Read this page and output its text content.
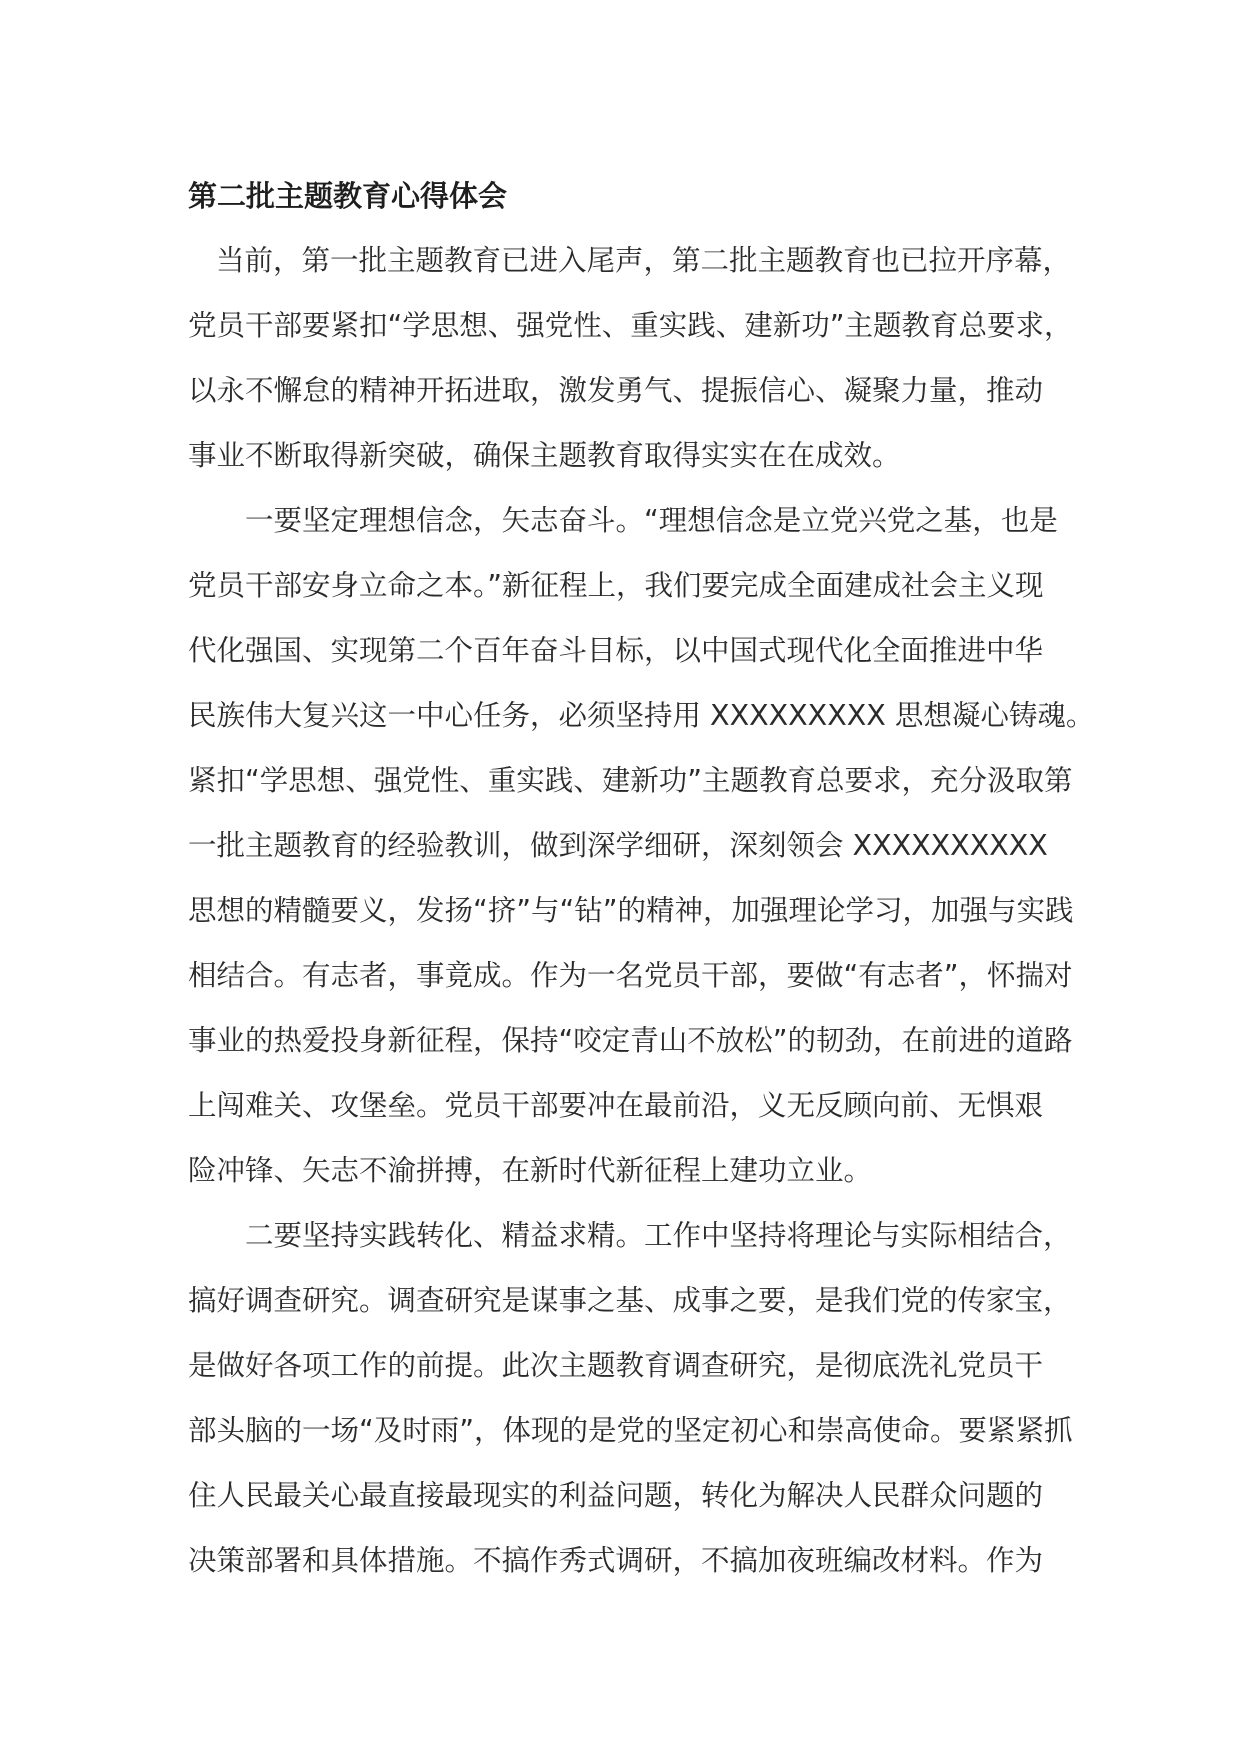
第二批主题教育心得体会
当前，第一批主题教育已进入尾声，第二批主题教育也已拉开序幕，
党员干部要紧扣“学思想、强党性、重实践、建新功”主题教育总要求，
以永不懈怠的精神开拓进取，激发勇气、提振信心、凝聚力量，推动
事业不断取得新突破，确保主题教育取得实实在在成效。
一要坚定理想信念，矢志奋斗。“理想信念是立党兴党之基，也是
党员干部安身立命之本。”新征程上，我们要完成全面建成社会主义现
代化强国、实现第二个百年奋斗目标，以中国式现代化全面推进中华
民族伟大复兴这一中心任务，必须坚持用 XXXXXXXXX 思想凝心铸魂。
紧扣“学思想、强党性、重实践、建新功”主题教育总要求，充分汲取第
一批主题教育的经验教训，做到深学细研，深刻领会 XXXXXXXXXX
思想的精髓要义，发扬“挤”与“钻”的精神，加强理论学习，加强与实践
相结合。有志者，事竟成。作为一名党员干部，要做“有志者”，怀揣对
事业的热爱投身新征程，保持“咬定青山不放松”的韧劲，在前进的道路
上闯难关、攻堡垒。党员干部要冲在最前沿，义无反顾向前、无惧艰
险冲锋、矢志不渝拼搏，在新时代新征程上建功立业。
二要坚持实践转化、精益求精。工作中坚持将理论与实际相结合，
搞好调查研究。调查研究是谋事之基、成事之要，是我们党的传家宝，
是做好各项工作的前提。此次主题教育调查研究，是彻底洗礼党员干
部头脑的一场“及时雨”，体现的是党的坚定初心和崇高使命。要紧紧抓
住人民最关心最直接最现实的利益问题，转化为解决人民群众问题的
决策部署和具体措施。不搞作秀式调研，不搞加夜班编改材料。作为
